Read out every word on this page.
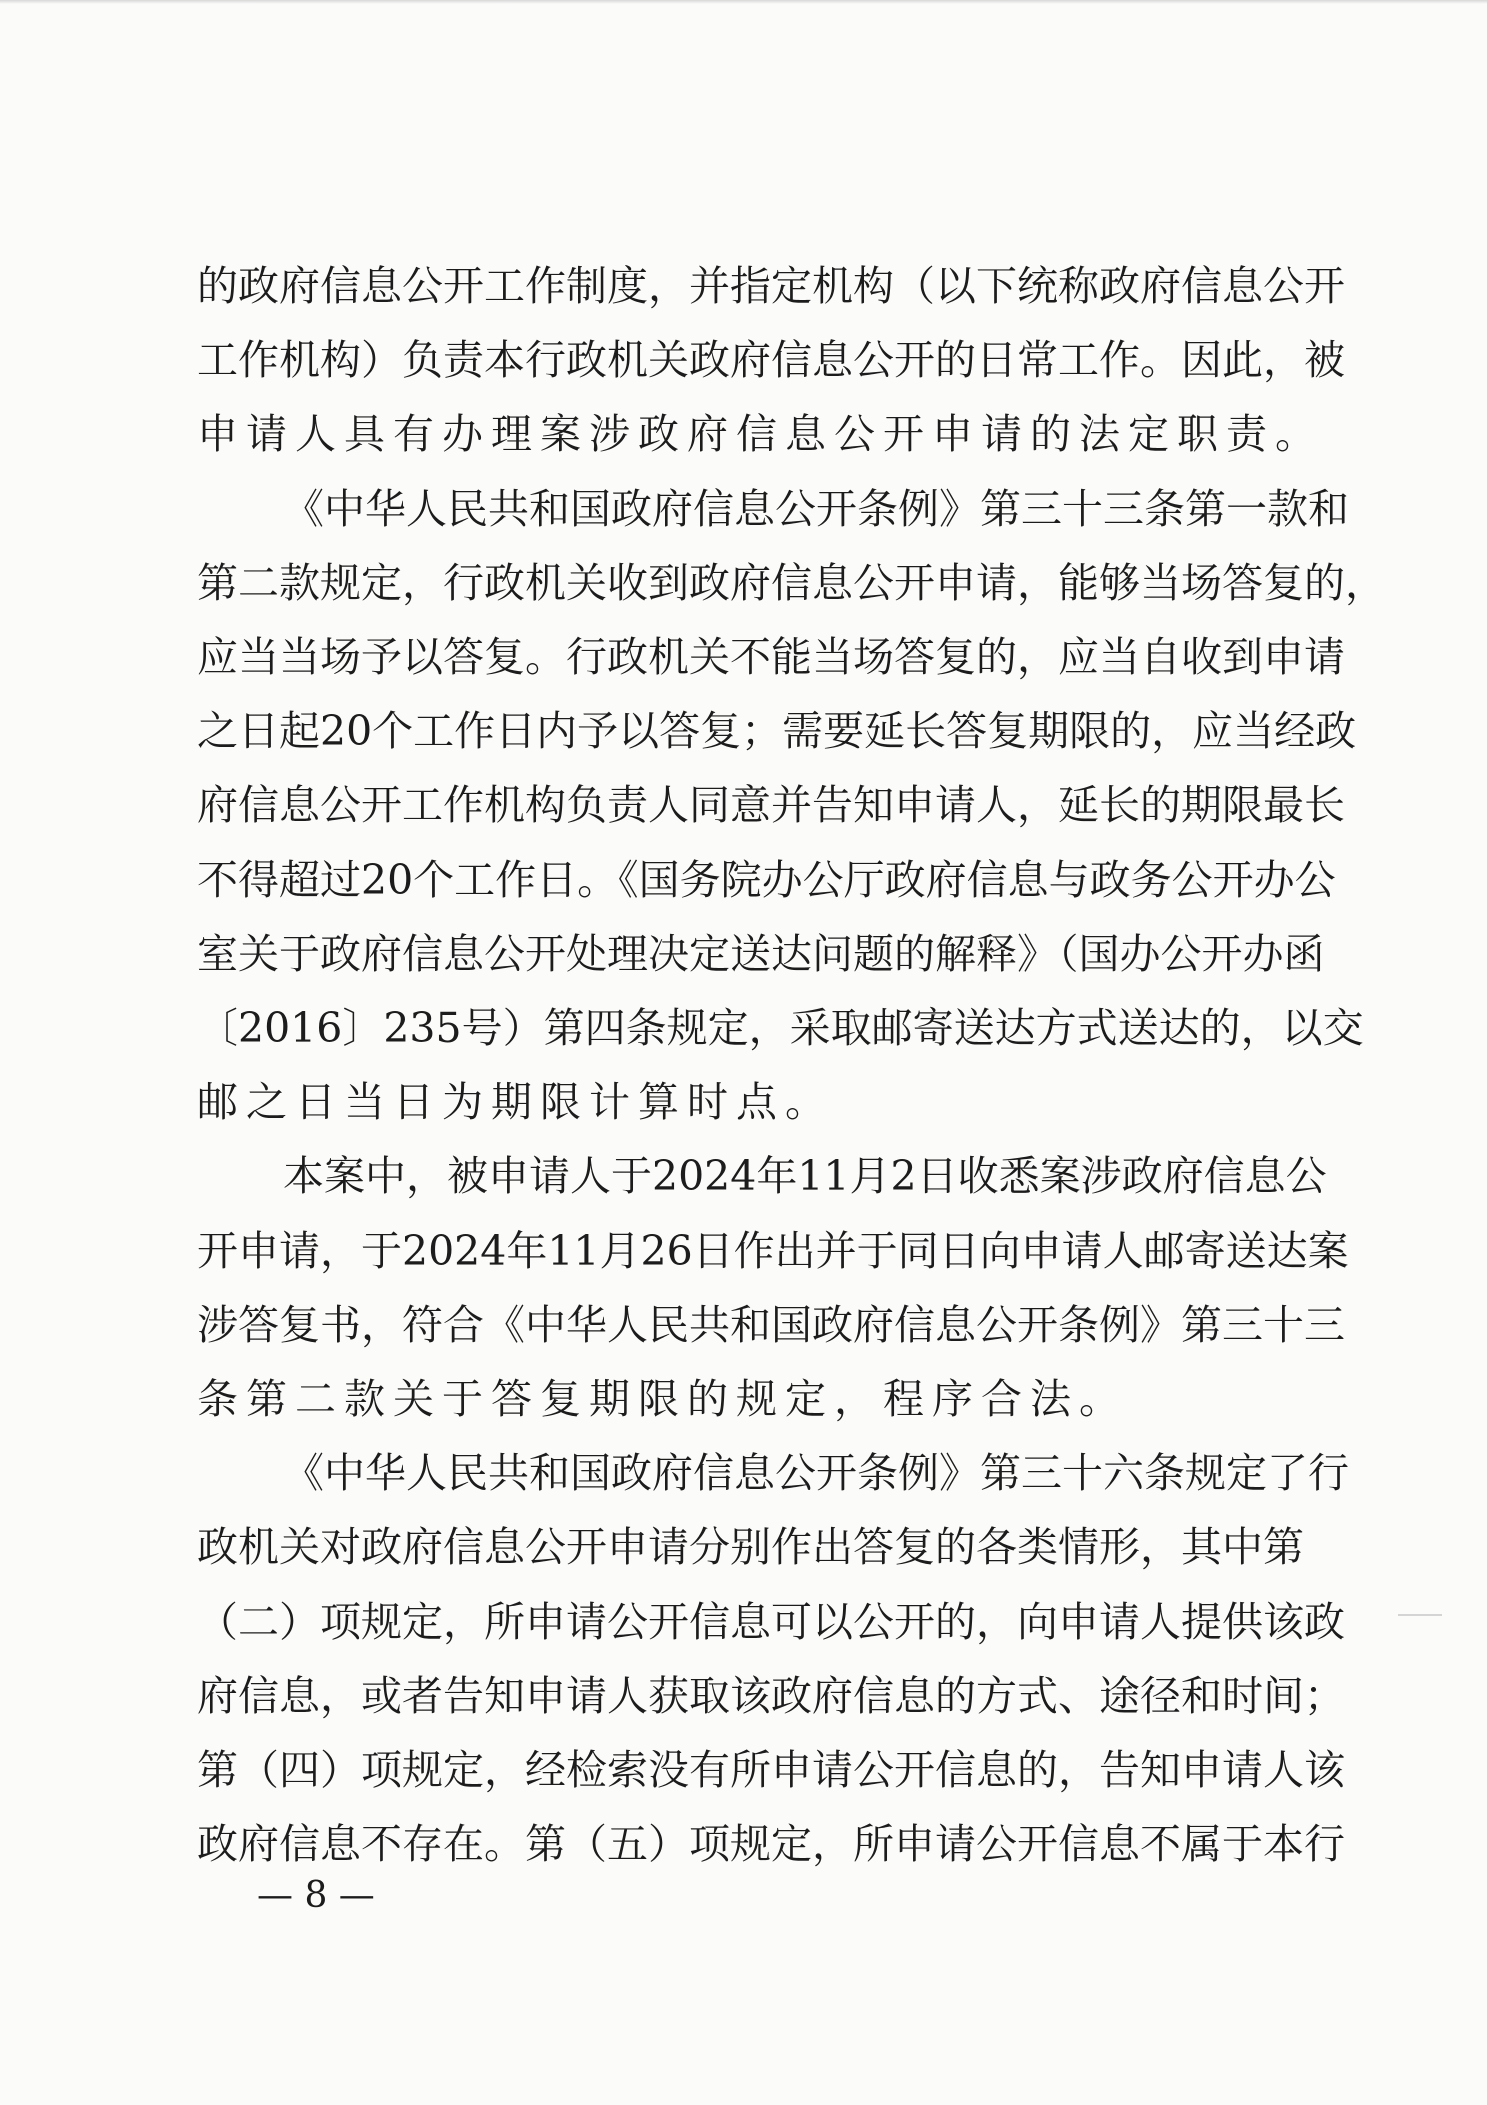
的政府信息公开工作制度，并指定机构（以下统称政府信息公开
工作机构）负责本行政机关政府信息公开的日常工作。因此，被
申请人具有办理案涉政府信息公开申请的法定职责。
《中华人民共和国政府信息公开条例》第三十三条第一款和
第二款规定，行政机关收到政府信息公开申请，能够当场答复的，
应当当场予以答复。行政机关不能当场答复的，应当自收到申请
之日起20个工作日内予以答复；需要延长答复期限的，应当经政
府信息公开工作机构负责人同意并告知申请人，延长的期限最长
不得超过20个工作日。《国务院办公厅政府信息与政务公开办公
室关于政府信息公开处理决定送达问题的解释》（国办公开办函
〔2016〕235号）第四条规定，采取邮寄送达方式送达的，以交
邮之日当日为期限计算时点。
本案中，被申请人于2024年11月2日收悉案涉政府信息公
开申请，于2024年11月26日作出并于同日向申请人邮寄送达案
涉答复书，符合《中华人民共和国政府信息公开条例》第三十三
条第二款关于答复期限的规定，程序合法。
《中华人民共和国政府信息公开条例》第三十六条规定了行
政机关对政府信息公开申请分别作出答复的各类情形，其中第
（二）项规定，所申请公开信息可以公开的，向申请人提供该政
府信息，或者告知申请人获取该政府信息的方式、途径和时间；
第（四）项规定，经检索没有所申请公开信息的，告知申请人该
政府信息不存在。第（五）项规定，所申请公开信息不属于本行
— 8 —
